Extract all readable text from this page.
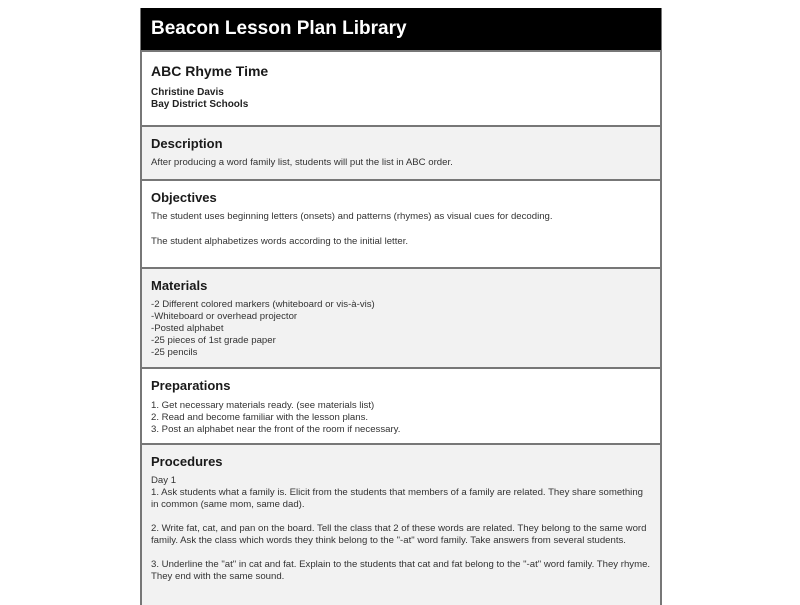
Beacon Lesson Plan Library
ABC Rhyme Time
Christine Davis
Bay District Schools
Description

After producing a word family list, students will put the list in ABC order.

Objectives

The student uses beginning letters (onsets) and patterns (rhymes) as visual cues for decoding.

The student alphabetizes words according to the initial letter.

Materials
-2 Different colored markers (whiteboard or vis-à-vis)
-Whiteboard or overhead projector
-Posted alphabet
-25 pieces of 1st grade paper
-25 pencils
Preparations
1. Get necessary materials ready. (see materials list)
2. Read and become familiar with the lesson plans.
3. Post an alphabet near the front of the room if necessary.
Procedures
Day 1

1. Ask students what a family is. Elicit from the students that members of a family are related. They share something in common (same mom, same dad).

2. Write fat, cat, and pan on the board. Tell the class that 2 of these words are related. They belong to the same word family. Ask the class which words they think belong to the "-at" word family. Take answers from several students.

3. Underline the "at" in cat and fat. Explain to the students that cat and fat belong to the "-at" word family. They rhyme. They end with the same sound.
